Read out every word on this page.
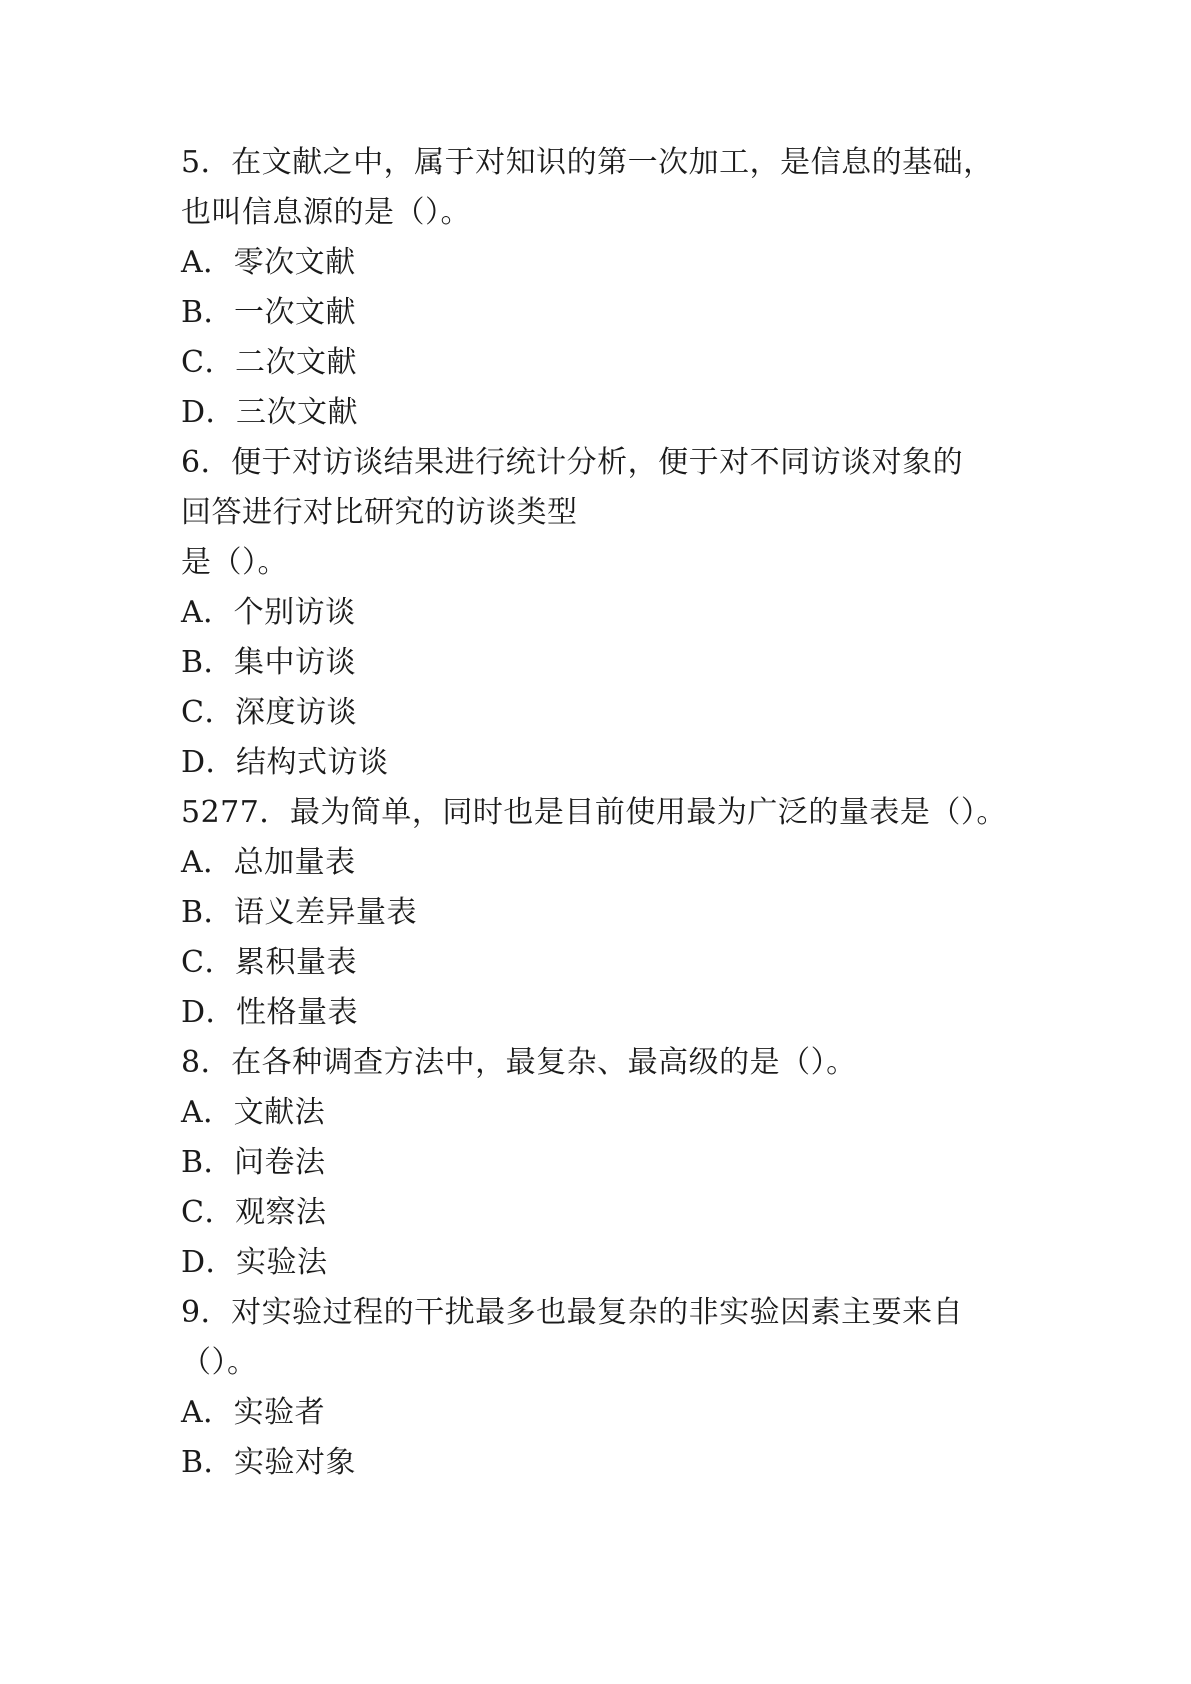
5．在文献之中，属于对知识的第一次加工，是信息的基础，
也叫信息源的是（）。
A．零次文献
B．一次文献
C．二次文献
D．三次文献
6．便于对访谈结果进行统计分析，便于对不同访谈对象的
回答进行对比研究的访谈类型
是（）。
A．个别访谈
B．集中访谈
C．深度访谈
D．结构式访谈
5277．最为简单，同时也是目前使用最为广泛的量表是（）。
A．总加量表
B．语义差异量表
C．累积量表
D．性格量表
8．在各种调查方法中，最复杂、最高级的是（）。
A．文献法
B．问卷法
C．观察法
D．实验法
9．对实验过程的干扰最多也最复杂的非实验因素主要来自
（）。
A．实验者
B．实验对象
